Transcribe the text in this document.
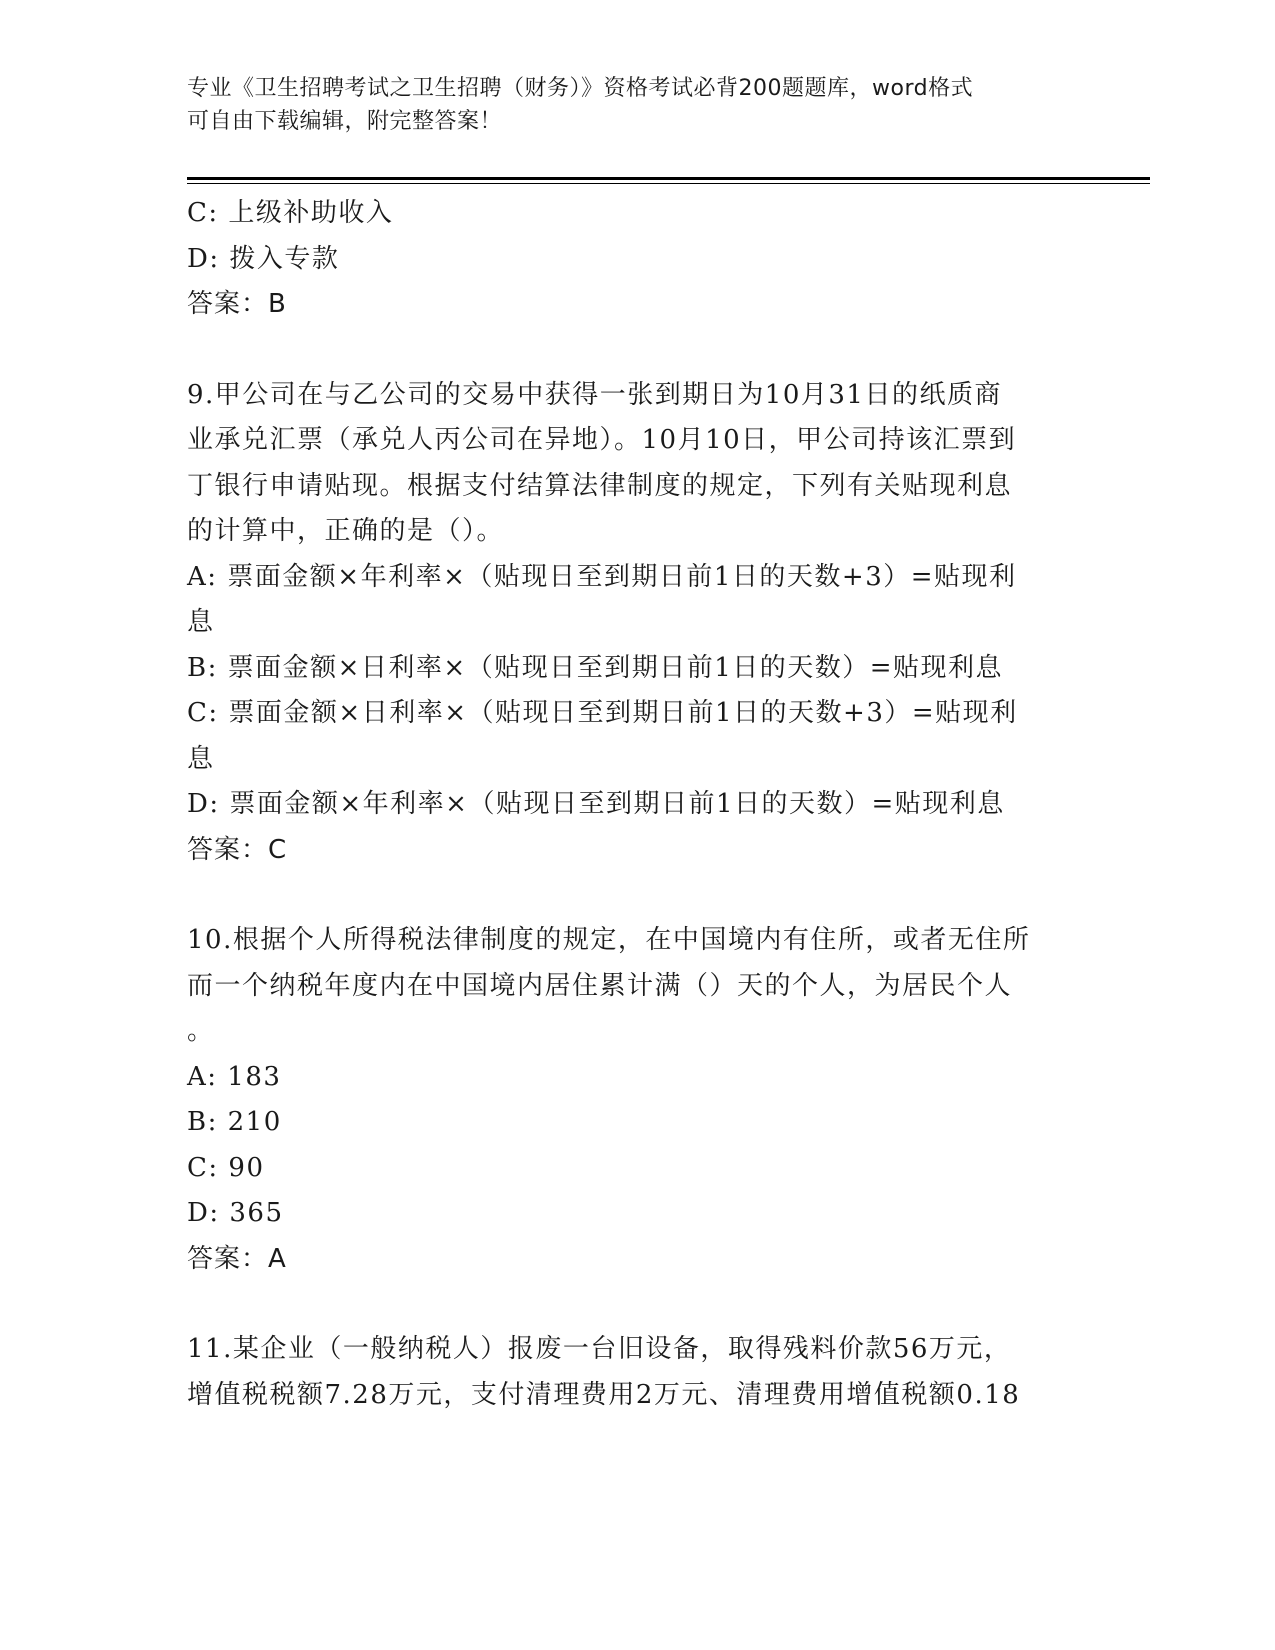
专业《卫生招聘考试之卫生招聘（财务）》资格考试必背200题题库，word格式
可自由下载编辑，附完整答案！
C: 上级补助收入
D: 拨入专款
答案：B
9.甲公司在与乙公司的交易中获得一张到期日为10月31日的纸质商
业承兑汇票（承兑人丙公司在异地）。10月10日，甲公司持该汇票到
丁银行申请贴现。根据支付结算法律制度的规定，下列有关贴现利息
的计算中，正确的是（）。
A: 票面金额×年利率×（贴现日至到期日前1日的天数+3）=贴现利
息
B: 票面金额×日利率×（贴现日至到期日前1日的天数）=贴现利息
C: 票面金额×日利率×（贴现日至到期日前1日的天数+3）=贴现利
息
D: 票面金额×年利率×（贴现日至到期日前1日的天数）=贴现利息
答案：C
10.根据个人所得税法律制度的规定，在中国境内有住所，或者无住所
而一个纳税年度内在中国境内居住累计满（）天的个人，为居民个人
。
A: 183
B: 210
C: 90
D: 365
答案：A
11.某企业（一般纳税人）报废一台旧设备，取得残料价款56万元，
增值税税额7.28万元，支付清理费用2万元、清理费用增值税额0.18
